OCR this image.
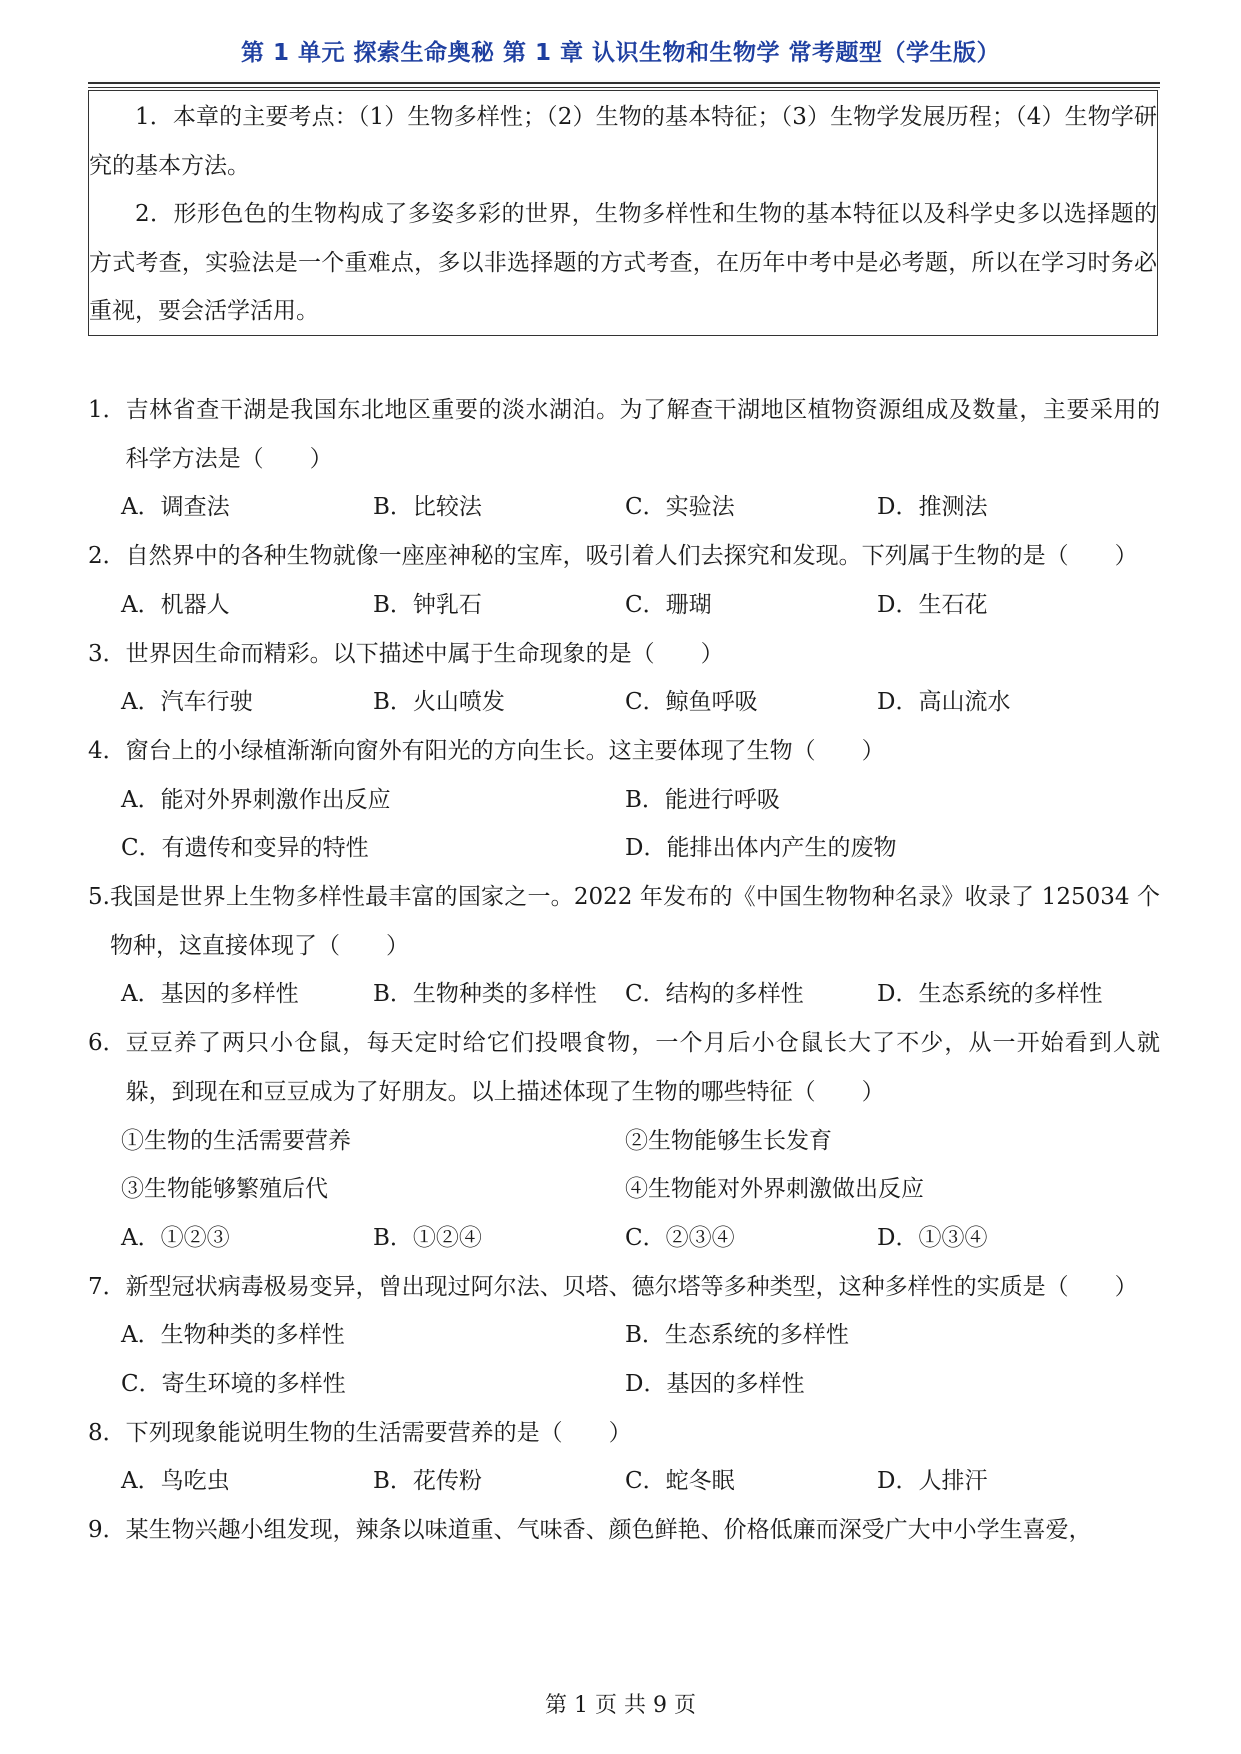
第 1 单元 探索生命奥秘 第 1 章 认识生物和生物学 常考题型（学生版）

1．本章的主要考点：（1）生物多样性；（2）生物的基本特征；（3）生物学发展历程；（4）生物学研究的基本方法。

2．形形色色的生物构成了多姿多彩的世界，生物多样性和生物的基本特征以及科学史多以选择题的方式考查，实验法是一个重难点，多以非选择题的方式考查，在历年中考中是必考题，所以在学习时务必重视，要会活学活用。

1． 吉林省查干湖是我国东北地区重要的淡水湖泊。为了解查干湖地区植物资源组成及数量，主要采用的科学方法是（　　）
A．调查法	B．比较法	C．实验法	D．推测法
2． 自然界中的各种生物就像一座座神秘的宝库，吸引着人们去探究和发现。下列属于生物的是（　　）
A．机器人	B．钟乳石	C．珊瑚	D．生石花
3． 世界因生命而精彩。以下描述中属于生命现象的是（　　）
A．汽车行驶	B．火山喷发	C．鲸鱼呼吸	D．高山流水
4． 窗台上的小绿植渐渐向窗外有阳光的方向生长。这主要体现了生物（　　）
A．能对外界刺激作出反应	B．能进行呼吸
C．有遗传和变异的特性	D．能排出体内产生的废物
5. 我国是世界上生物多样性最丰富的国家之一。2022 年发布的《中国生物物种名录》收录了 125034 个物种，这直接体现了（　　）
A．基因的多样性	B．生物种类的多样性	C．结构的多样性	D．生态系统的多样性
6． 豆豆养了两只小仓鼠，每天定时给它们投喂食物，一个月后小仓鼠长大了不少，从一开始看到人就躲，到现在和豆豆成为了好朋友。以上描述体现了生物的哪些特征（　　）
①生物的生活需要营养	②生物能够生长发育
③生物能够繁殖后代	④生物能对外界刺激做出反应
A．①②③	B．①②④	C．②③④	D．①③④
7． 新型冠状病毒极易变异，曾出现过阿尔法、贝塔、德尔塔等多种类型，这种多样性的实质是（　　）
A．生物种类的多样性	B．生态系统的多样性
C．寄生环境的多样性	D．基因的多样性
8． 下列现象能说明生物的生活需要营养的是（　　）
A．鸟吃虫	B．花传粉	C．蛇冬眠	D．人排汗
9． 某生物兴趣小组发现，辣条以味道重、气味香、颜色鲜艳、价格低廉而深受广大中小学生喜爱，
第 1 页 共 9 页
